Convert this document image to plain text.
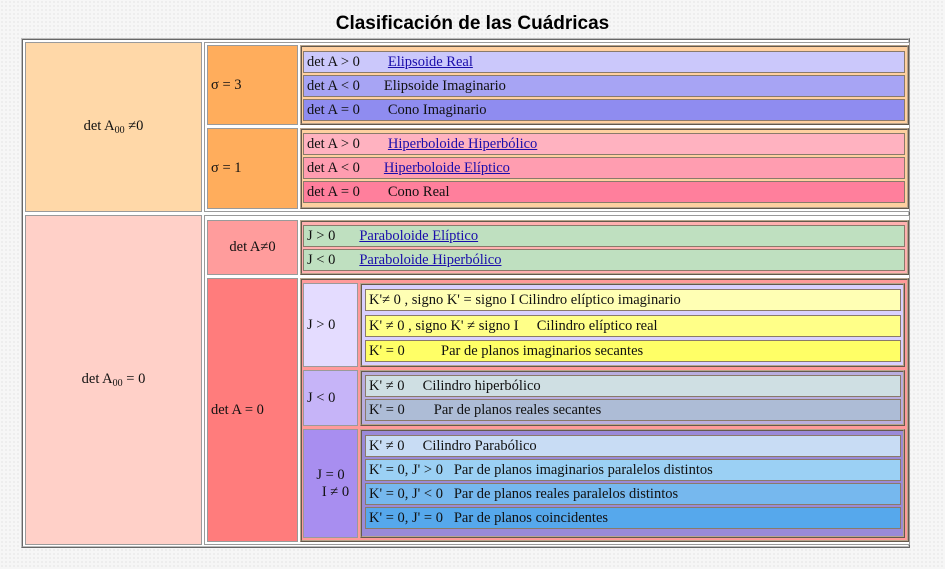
Clasificación de las Cuádricas
$\det A_{00} \ne 0$
σ = 3
det A > 0 Elipsoide Real
det A < 0 Elipsoide Imaginario
det A = 0 Cono Imaginario
σ = 1
det A > 0 Hiperboloide Hiperbólico
det A < 0 Hiperboloide Elíptico
det A = 0 Cono Real
$\det A_{00} = 0$
det A≠0
J > 0 Paraboloide Elíptico
J < 0 Paraboloide Hiperbólico
det A = 0
J > 0
K'≠ 0 , signo K' = signo I Cilindro elíptico imaginario
K' ≠ 0 , signo K' ≠ signo I     Cilindro elíptico real
K' = 0          Par de planos imaginarios secantes
J < 0
K' ≠ 0     Cilindro hiperbólico
K' = 0        Par de planos reales secantes
J = 0
I ≠ 0
K' ≠ 0     Cilindro Parabólico
K' = 0, J' > 0   Par de planos imaginarios paralelos distintos
K' = 0, J' < 0   Par de planos reales paralelos distintos
K' = 0, J' = 0   Par de planos coincidentes
